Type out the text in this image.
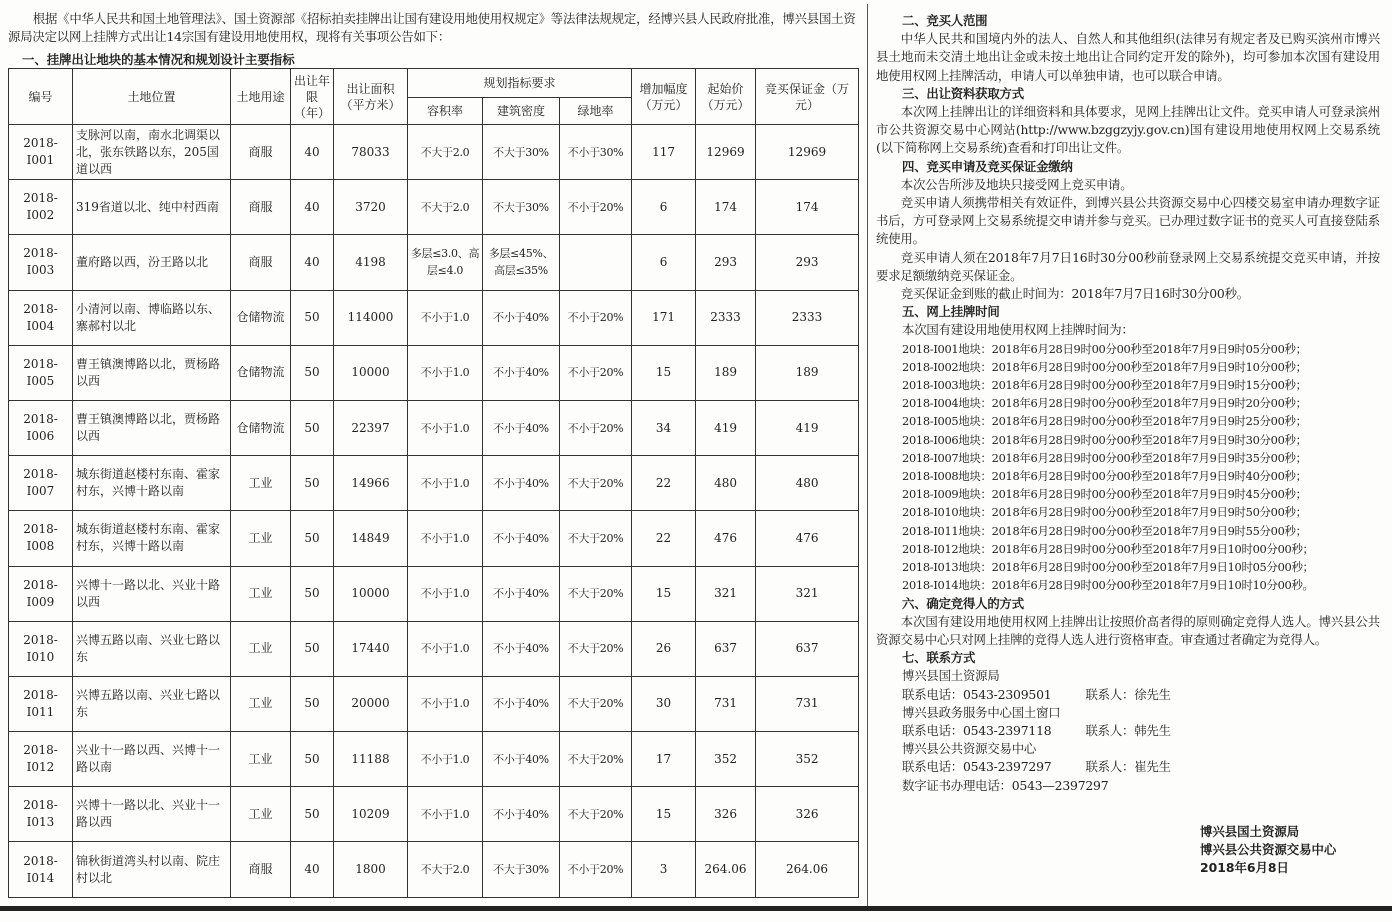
根据《中华人民共和国土地管理法》、国土资源部《招标拍卖挂牌出让国有建设用地使用权规定》等法律法规规定，经博兴县人民政府批准，博兴县国土资源局决定以网上挂牌方式出让14宗国有建设用地使用权，现将有关事项公告如下：
一、挂牌出让地块的基本情况和规划设计主要指标
编号	土地位置	土地用途	出让年限（年）	出让面积（平方米）	规划指标要求			增加幅度（万元）	起始价（万元）	竞买保证金（万元）
					容积率	建筑密度	绿地率			
2018-I001	支脉河以南，南水北调渠以北，张东铁路以东，205国道以西	商服	40	78033	不大于2.0	不大于30%	不小于30%	117	12969	12969
2018-I002	319省道以北、纯中村西南	商服	40	3720	不大于2.0	不大于30%	不小于20%	6	174	174
2018-I003	董府路以西，汾王路以北	商服	40	4198	多层≤3.0、高层≤4.0	多层≤45%、高层≤35%		6	293	293
2018-I004	小清河以南、博临路以东、寨郝村以北	仓储物流	50	114000	不小于1.0	不小于40%	不小于20%	171	2333	2333
2018-I005	曹王镇澳博路以北，贾杨路以西	仓储物流	50	10000	不小于1.0	不小于40%	不小于20%	15	189	189
2018-I006	曹王镇澳博路以北，贾杨路以西	仓储物流	50	22397	不小于1.0	不小于40%	不小于20%	34	419	419
2018-I007	城东街道赵楼村东南、霍家村东，兴博十路以南	工业	50	14966	不小于1.0	不小于40%	不大于20%	22	480	480
2018-I008	城东街道赵楼村东南、霍家村东，兴博十路以南	工业	50	14849	不小于1.0	不小于40%	不大于20%	22	476	476
2018-I009	兴博十一路以北、兴业十路以西	工业	50	10000	不小于1.0	不小于40%	不大于20%	15	321	321
2018-I010	兴博五路以南、兴业七路以东	工业	50	17440	不小于1.0	不小于40%	不大于20%	26	637	637
2018-I011	兴博五路以南、兴业七路以东	工业	50	20000	不小于1.0	不小于40%	不大于20%	30	731	731
2018-I012	兴业十一路以西、兴博十一路以南	工业	50	11188	不小于1.0	不小于40%	不大于20%	17	352	352
2018-I013	兴博十一路以北、兴业十一路以西	工业	50	10209	不小于1.0	不小于40%	不大于20%	15	326	326
2018-I014	锦秋街道湾头村以南、院庄村以北	商服	40	1800	不大于2.0	不大于30%	不小于20%	3	264.06	264.06
二、竞买人范围
中华人民共和国境内外的法人、自然人和其他组织(法律另有规定者及已购买滨州市博兴县土地而未交清土地出让金或未按土地出让合同约定开发的除外)，均可参加本次国有建设用地使用权网上挂牌活动，申请人可以单独申请，也可以联合申请。
三、出让资料获取方式
本次网上挂牌出让的详细资料和具体要求，见网上挂牌出让文件。竞买申请人可登录滨州市公共资源交易中心网站(http://www.bzggzyjy.gov.cn)国有建设用地使用权网上交易系统(以下简称网上交易系统)查看和打印出让文件。
四、竞买申请及竞买保证金缴纳
本次公告所涉及地块只接受网上竞买申请。
竞买申请人须携带相关有效证件，到博兴县公共资源交易中心四楼交易室申请办理数字证书后，方可登录网上交易系统提交申请并参与竞买。已办理过数字证书的竞买人可直接登陆系统使用。
竞买申请人须在2018年7月7日16时30分00秒前登录网上交易系统提交竞买申请，并按要求足额缴纳竞买保证金。
竞买保证金到账的截止时间为：2018年7月7日16时30分00秒。
五、网上挂牌时间
本次国有建设用地使用权网上挂牌时间为：
2018-I001地块：2018年6月28日9时00分00秒至2018年7月9日9时05分00秒；
2018-I002地块：2018年6月28日9时00分00秒至2018年7月9日9时10分00秒；
2018-I003地块：2018年6月28日9时00分00秒至2018年7月9日9时15分00秒；
2018-I004地块：2018年6月28日9时00分00秒至2018年7月9日9时20分00秒；
2018-I005地块：2018年6月28日9时00分00秒至2018年7月9日9时25分00秒；
2018-I006地块：2018年6月28日9时00分00秒至2018年7月9日9时30分00秒；
2018-I007地块：2018年6月28日9时00分00秒至2018年7月9日9时35分00秒；
2018-I008地块：2018年6月28日9时00分00秒至2018年7月9日9时40分00秒；
2018-I009地块：2018年6月28日9时00分00秒至2018年7月9日9时45分00秒；
2018-I010地块：2018年6月28日9时00分00秒至2018年7月9日9时50分00秒；
2018-I011地块：2018年6月28日9时00分00秒至2018年7月9日9时55分00秒；
2018-I012地块：2018年6月28日9时00分00秒至2018年7月9日10时00分00秒；
2018-I013地块：2018年6月28日9时00分00秒至2018年7月9日10时05分00秒；
2018-I014地块：2018年6月28日9时00分00秒至2018年7月9日10时10分00秒。
六、确定竞得人的方式
本次国有建设用地使用权网上挂牌出让按照价高者得的原则确定竞得人选人。博兴县公共资源交易中心只对网上挂牌的竞得人选人进行资格审查。审查通过者确定为竞得人。
七、联系方式
博兴县国土资源局
联系电话：0543-2309501	联系人：徐先生
博兴县政务服务中心国土窗口
联系电话：0543-2397118	联系人：韩先生
博兴县公共资源交易中心
联系电话：0543-2397297	联系人：崔先生
数字证书办理电话：0543—2397297
博兴县国土资源局
博兴县公共资源交易中心
2018年6月8日
